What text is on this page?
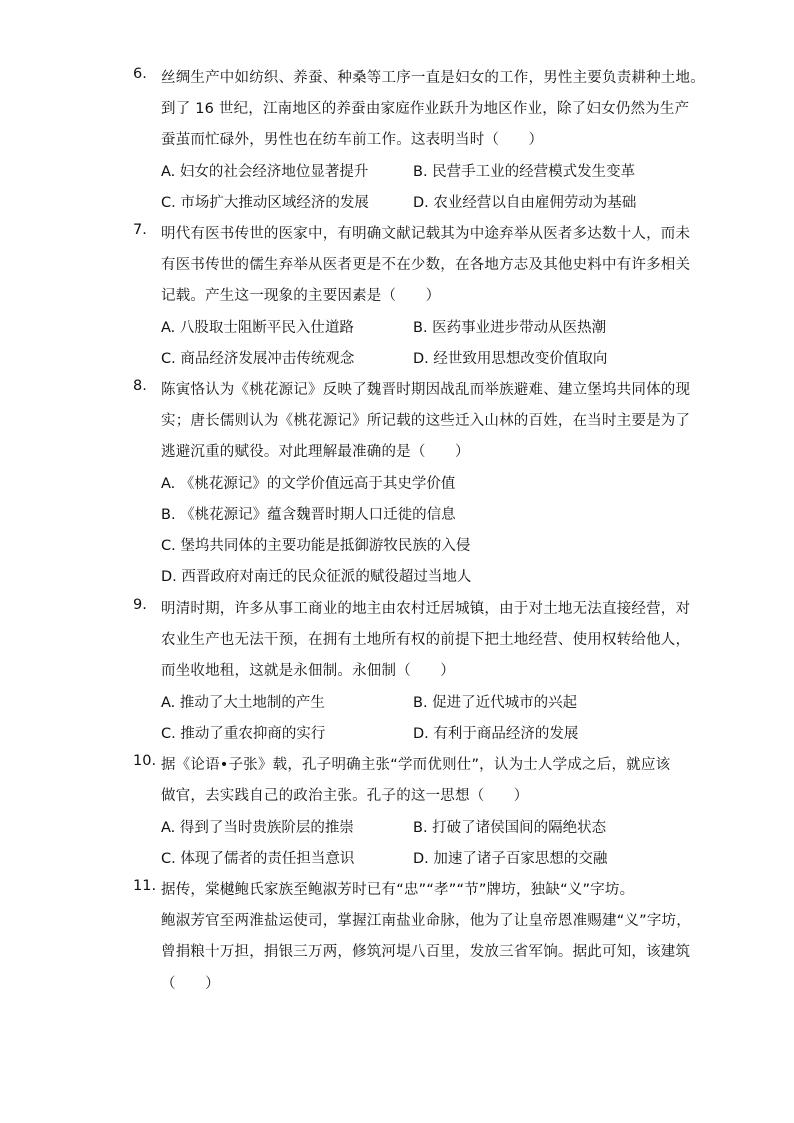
6. 丝绸生产中如纺织、养蚕、种桑等工序一直是妇女的工作，男性主要负责耕种土地。
到了 16 世纪，江南地区的养蚕由家庭作业跃升为地区作业，除了妇女仍然为生产
蚕茧而忙碌外，男性也在纺车前工作。这表明当时（　　）
A. 妇女的社会经济地位显著提升	B. 民营手工业的经营模式发生变革
C. 市场扩大推动区域经济的发展	D. 农业经营以自由雇佣劳动为基础
7. 明代有医书传世的医家中，有明确文献记载其为中途弃举从医者多达数十人，而未
有医书传世的儒生弃举从医者更是不在少数，在各地方志及其他史料中有许多相关
记载。产生这一现象的主要因素是（　　）
A. 八股取士阻断平民入仕道路	B. 医药事业进步带动从医热潮
C. 商品经济发展冲击传统观念	D. 经世致用思想改变价值取向
8. 陈寅恪认为《桃花源记》反映了魏晋时期因战乱而举族避难、建立堡坞共同体的现
实；唐长儒则认为《桃花源记》所记载的这些迁入山林的百姓，在当时主要是为了
逃避沉重的赋役。对此理解最准确的是（　　）
A. 《桃花源记》的文学价值远高于其史学价值
B. 《桃花源记》蕴含魏晋时期人口迁徙的信息
C. 堡坞共同体的主要功能是抵御游牧民族的入侵
D. 西晋政府对南迁的民众征派的赋役超过当地人
9. 明清时期，许多从事工商业的地主由农村迁居城镇，由于对土地无法直接经营，对
农业生产也无法干预，在拥有土地所有权的前提下把土地经营、使用权转给他人，
而坐收地租，这就是永佃制。永佃制（　　）
A. 推动了大土地制的产生	B. 促进了近代城市的兴起
C. 推动了重农抑商的实行	D. 有利于商品经济的发展
10. 据《论语•子张》载，孔子明确主张“学而优则仕”，认为士人学成之后，就应该
做官，去实践自己的政治主张。孔子的这一思想（　　）
A. 得到了当时贵族阶层的推崇	B. 打破了诸侯国间的隔绝状态
C. 体现了儒者的责任担当意识	D. 加速了诸子百家思想的交融
11. 据传，棠樾鲍氏家族至鲍淑芳时已有“忠”“孝”“节”牌坊，独缺“义”字坊。
鲍淑芳官至两淮盐运使司，掌握江南盐业命脉，他为了让皇帝恩准赐建“义”字坊，
曾捐粮十万担，捐银三万两，修筑河堤八百里，发放三省军饷。据此可知，该建筑
（　　）
